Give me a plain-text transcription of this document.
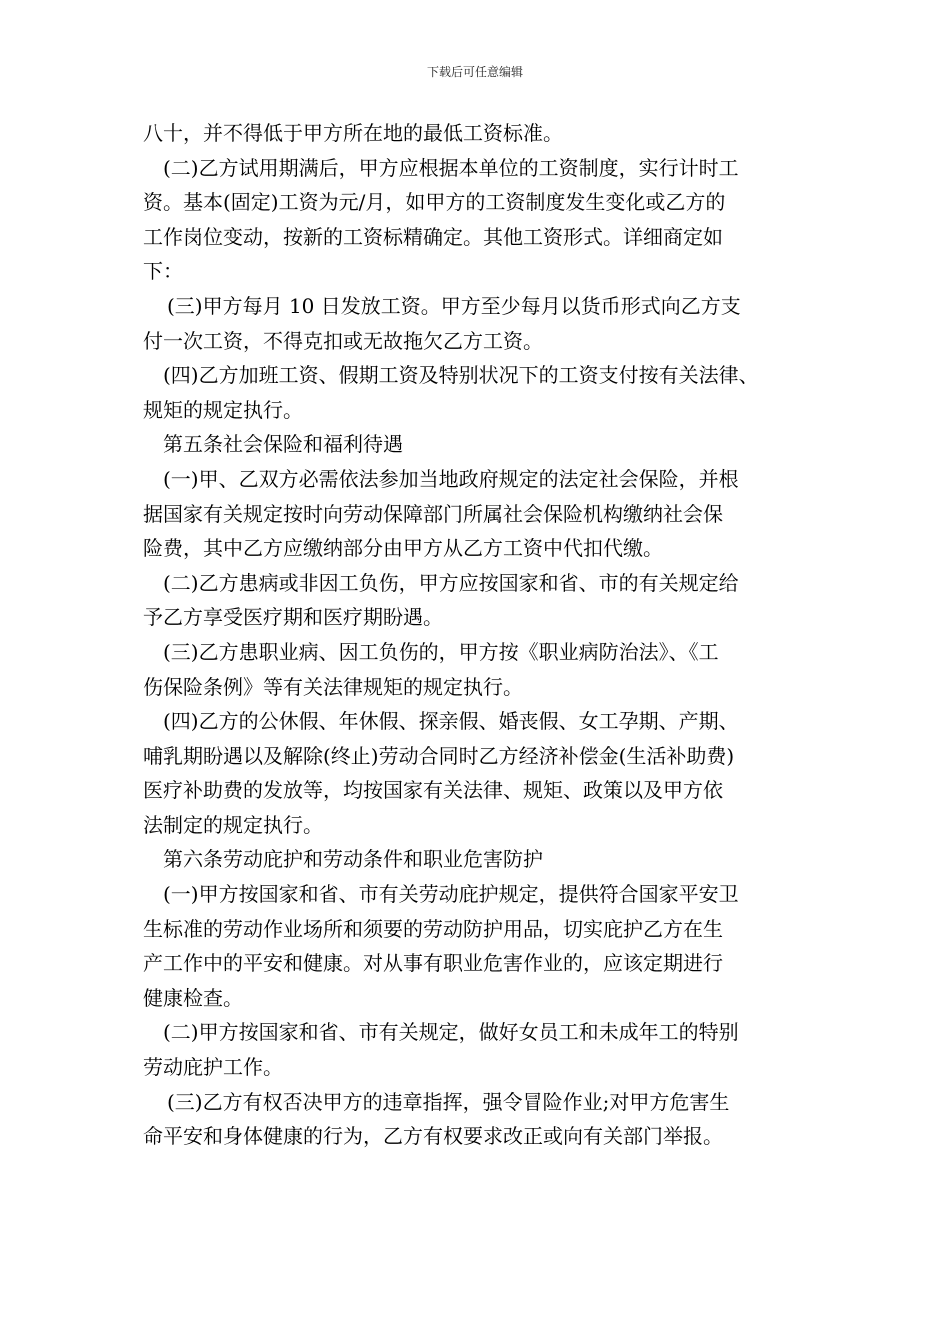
下载后可任意编辑

八十，并不得低于甲方所在地的最低工资标准。

(二)乙方试用期满后，甲方应根据本单位的工资制度，实行计时工

资。基本(固定)工资为元/月，如甲方的工资制度发生变化或乙方的

工作岗位变动，按新的工资标精确定。其他工资形式。详细商定如

下：

(三)甲方每月 10 日发放工资。甲方至少每月以货币形式向乙方支

付一次工资，不得克扣或无故拖欠乙方工资。

(四)乙方加班工资、假期工资及特别状况下的工资支付按有关法律、

规矩的规定执行。

第五条社会保险和福利待遇

(一)甲、乙双方必需依法参加当地政府规定的法定社会保险，并根

据国家有关规定按时向劳动保障部门所属社会保险机构缴纳社会保

险费，其中乙方应缴纳部分由甲方从乙方工资中代扣代缴。

(二)乙方患病或非因工负伤，甲方应按国家和省、市的有关规定给

予乙方享受医疗期和医疗期盼遇。

(三)乙方患职业病、因工负伤的，甲方按《职业病防治法》、《工

伤保险条例》等有关法律规矩的规定执行。

(四)乙方的公休假、年休假、探亲假、婚丧假、女工孕期、产期、

哺乳期盼遇以及解除(终止)劳动合同时乙方经济补偿金(生活补助费)

医疗补助费的发放等，均按国家有关法律、规矩、政策以及甲方依

法制定的规定执行。

第六条劳动庇护和劳动条件和职业危害防护

(一)甲方按国家和省、市有关劳动庇护规定，提供符合国家平安卫

生标准的劳动作业场所和须要的劳动防护用品，切实庇护乙方在生

产工作中的平安和健康。对从事有职业危害作业的，应该定期进行

健康检查。

(二)甲方按国家和省、市有关规定，做好女员工和未成年工的特别

劳动庇护工作。

(三)乙方有权否决甲方的违章指挥，强令冒险作业;对甲方危害生

命平安和身体健康的行为，乙方有权要求改正或向有关部门举报。
